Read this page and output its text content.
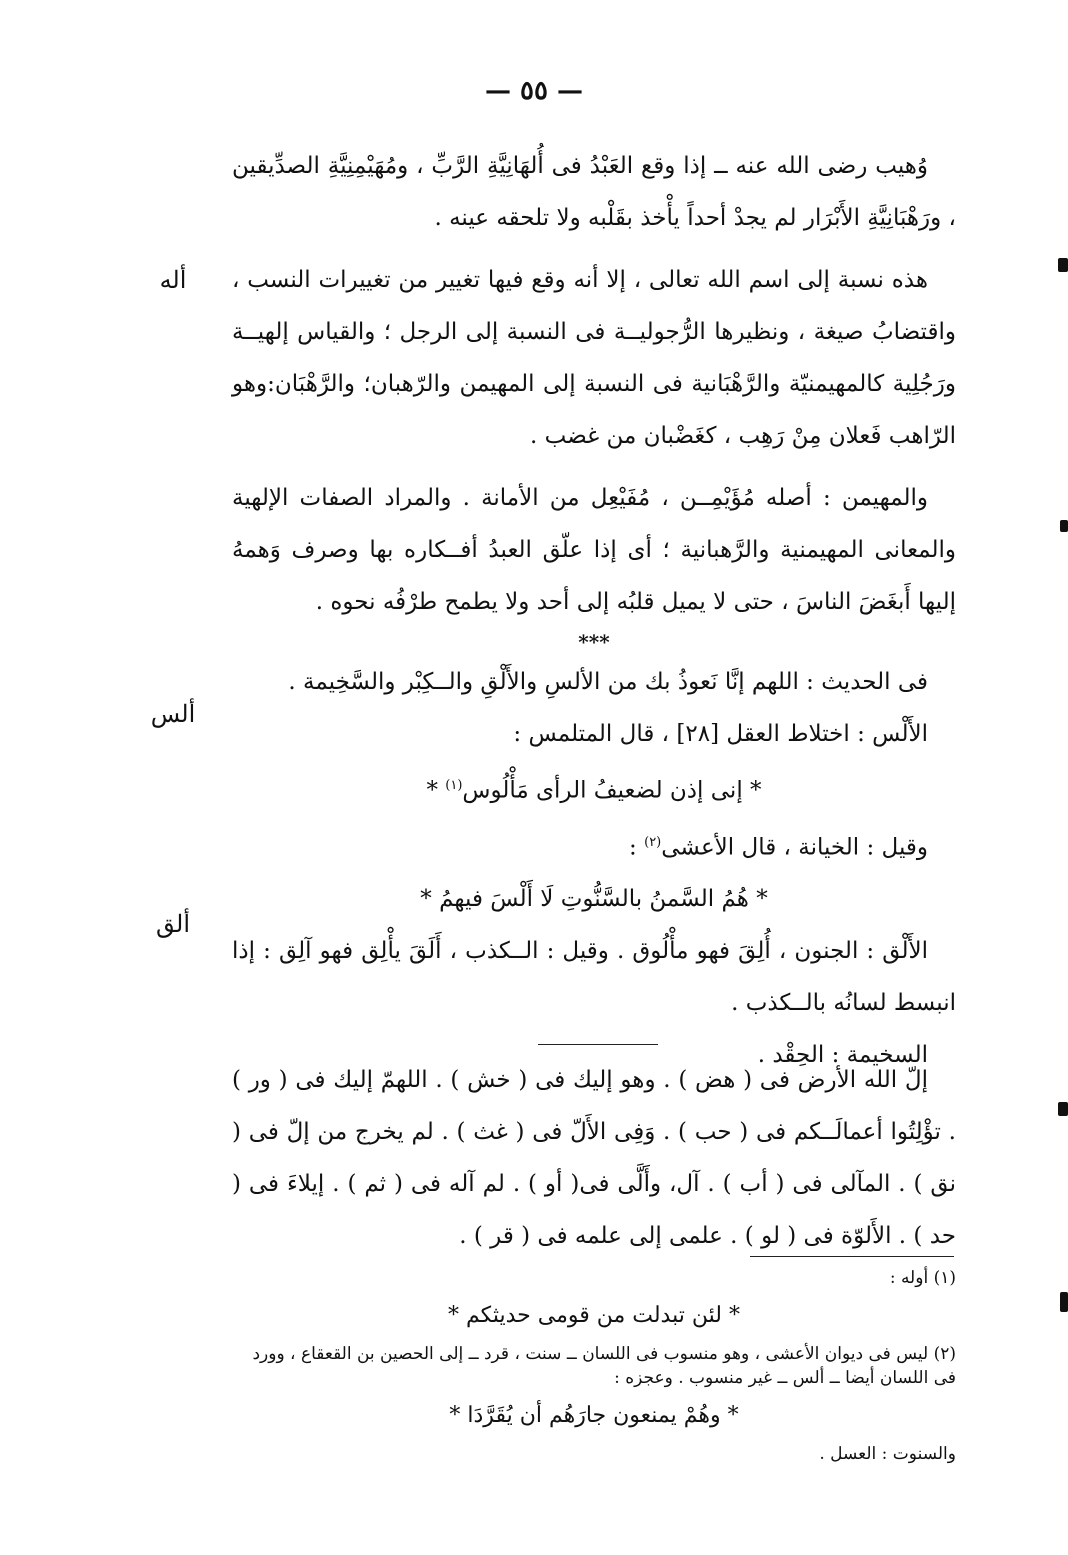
— ٥٥ —
أله
ألس
ألق

وُهيب رضى الله عنه ــ إذا وقع العَبْدُ فى أُلهَانِيَّةِ الرَّبِّ ، ومُهَيْمِنِيَّةِ الصدِّيقين ، ورَهْبَانِيَّةِ الأَبْرَار لم يجدْ أحداً يأْخذ بقَلْبه ولا تلحقه عينه .

هذه نسبة إلى اسم الله تعالى ، إلا أنه وقع فيها تغيير من تغييرات النسب ، واقتضابُ صيغة ، ونظيرها الرُّجوليــة فى النسبة إلى الرجل ؛ والقياس إلهيــة ورَجُلِية كالمهيمنيّة والرَّهْبَانية فى النسبة إلى المهيمن والرّهبان؛ والرَّهْبَان:وهو الرّاهب فَعلان مِنْ رَهِب ، كغَضْبان من غضب .

والمهيمن : أصله مُؤَيْمِــن ، مُفَيْعِل من الأمانة . والمراد الصفات الإلهية والمعانى المهيمنية والرَّهبانية ؛ أى إذا علّق العبدُ أفــكاره بها وصرف وَهمهُ إليها أَبغَضَ الناسَ ، حتى لا يميل قلبُه إلى أحد ولا يطمح طرْفُه نحوه .

***

فى الحديث : اللهم إنَّا نَعوذُ بك من الألسِ والأَلْقِ والــكِبْر والسَّخِيمة .

الأَلْس : اختلاط العقل [٢٨] ، قال المتلمس :

* إنى إذن لضعيفُ الرأى مَأْلُوس$^{(١)}$ *

وقيل : الخيانة ، قال الأعشى$^{(٢)}$ :

* هُمُ السَّمنُ بالسَّنُّوتِ لَا أَلْسَ فيهمُ *

الأَلْق : الجنون ، أُلِقَ فهو مأْلُوق . وقيل : الــكذب ، أَلَقَ يأْلِق فهو آلِق : إذا انبسط لسانُه بالــكذب .

السخيمة : الحِقْد .

إلّ الله الأرض فى ( هض ) . وهو إليك فى ( خش ) . اللهمّ إليك فى ( ور ) . تؤْلِتُوا أعمالَــكم فى ( حب ) . وَفِى الأَلّ فى ( غث ) . لم يخرج من إلّ فى ( نق ) . المآلى فى ( أب ) . آل، وأَلَّى فى( أو ) . لم آله فى ( ثم ) . إيلاءَ فى ( حد ) . الأَلوّة فى ( لو ) . علمى إلى علمه فى ( قر ) .

(١) أوله :

* لئن تبدلت من قومى حديثكم *

(٢) ليس فى ديوان الأعشى ، وهو منسوب فى اللسان ــ سنت ، قرد ــ إلى الحصين بن القعقاع ، وورد فى اللسان أيضا ــ ألس ــ غير منسوب . وعجزه :

* وهُمْ يمنعون جارَهُم أن يُقَرَّدَا *

والسنوت : العسل .
